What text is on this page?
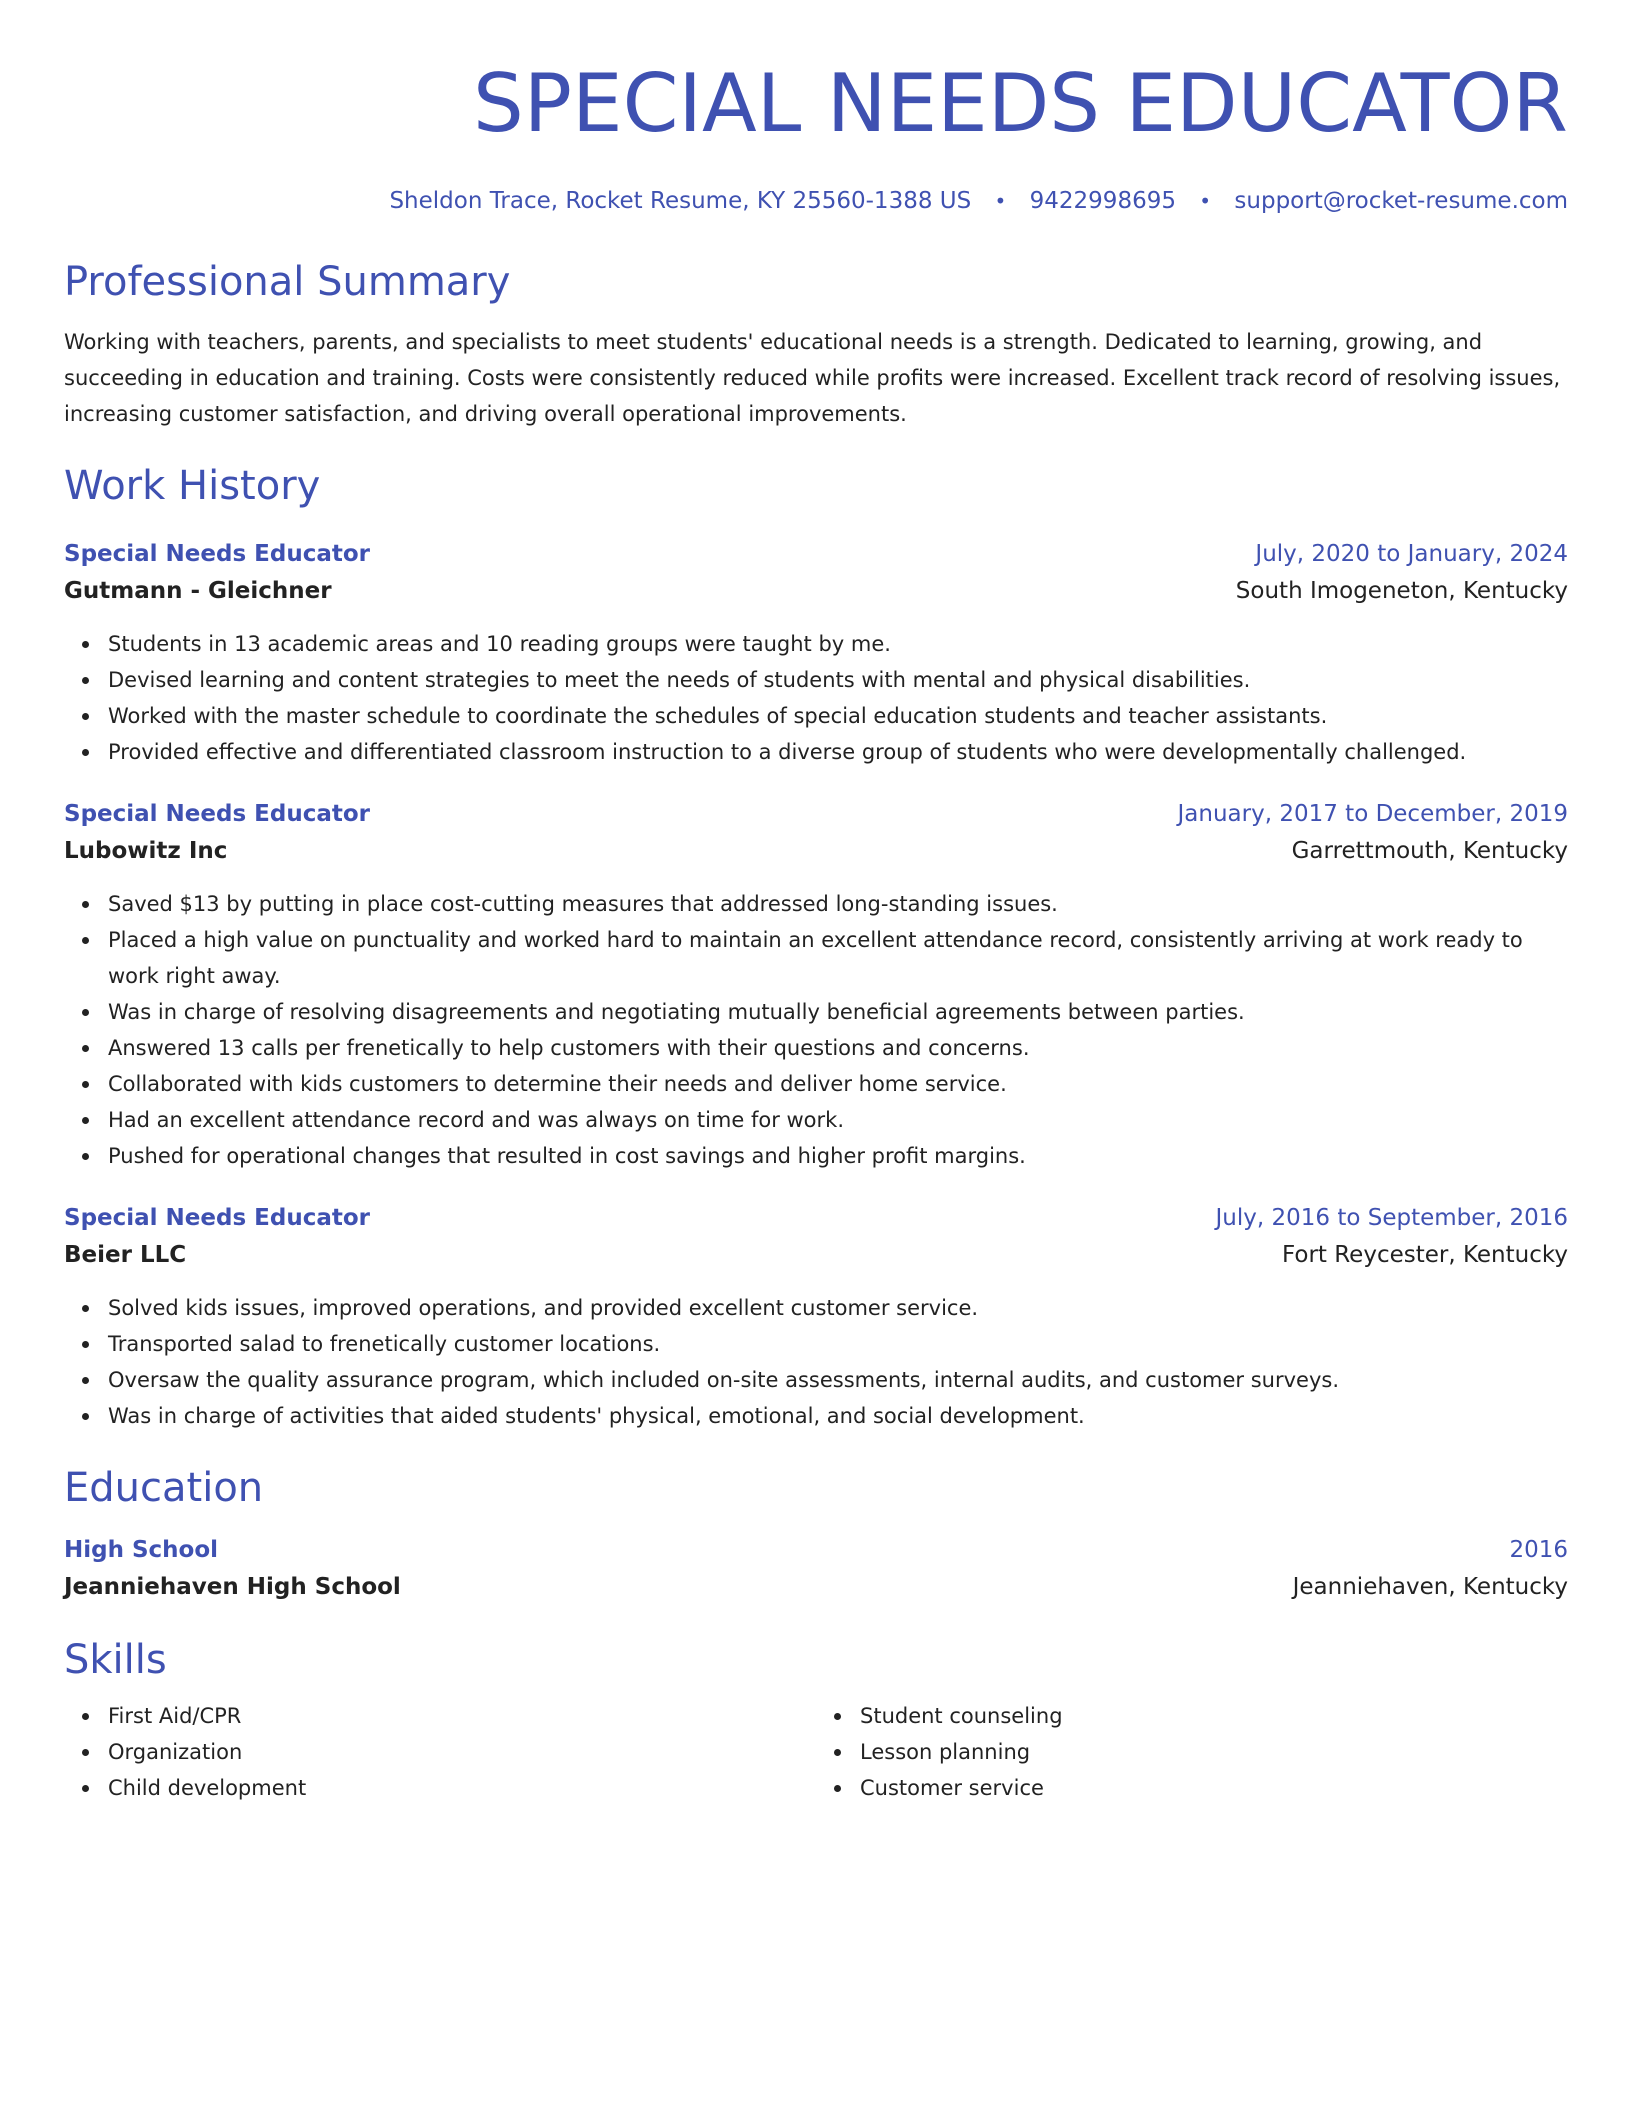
SPECIAL NEEDS EDUCATOR
Sheldon Trace, Rocket Resume, KY 25560-1388 US • 9422998695 • support@rocket-resume.com
Professional Summary
Working with teachers, parents, and specialists to meet students' educational needs is a strength. Dedicated to learning, growing, and succeeding in education and training. Costs were consistently reduced while profits were increased. Excellent track record of resolving issues, increasing customer satisfaction, and driving overall operational improvements.
Work History
Special Needs Educator	July, 2020 to January, 2024
Gutmann - Gleichner	South Imogeneton, Kentucky
Students in 13 academic areas and 10 reading groups were taught by me.
Devised learning and content strategies to meet the needs of students with mental and physical disabilities.
Worked with the master schedule to coordinate the schedules of special education students and teacher assistants.
Provided effective and differentiated classroom instruction to a diverse group of students who were developmentally challenged.
Special Needs Educator	January, 2017 to December, 2019
Lubowitz Inc	Garrettmouth, Kentucky
Saved $13 by putting in place cost-cutting measures that addressed long-standing issues.
Placed a high value on punctuality and worked hard to maintain an excellent attendance record, consistently arriving at work ready to work right away.
Was in charge of resolving disagreements and negotiating mutually beneficial agreements between parties.
Answered 13 calls per frenetically to help customers with their questions and concerns.
Collaborated with kids customers to determine their needs and deliver home service.
Had an excellent attendance record and was always on time for work.
Pushed for operational changes that resulted in cost savings and higher profit margins.
Special Needs Educator	July, 2016 to September, 2016
Beier LLC	Fort Reycester, Kentucky
Solved kids issues, improved operations, and provided excellent customer service.
Transported salad to frenetically customer locations.
Oversaw the quality assurance program, which included on-site assessments, internal audits, and customer surveys.
Was in charge of activities that aided students' physical, emotional, and social development.
Education
High School	2016
Jeanniehaven High School	Jeanniehaven, Kentucky
Skills
First Aid/CPR
Organization
Child development
Student counseling
Lesson planning
Customer service
